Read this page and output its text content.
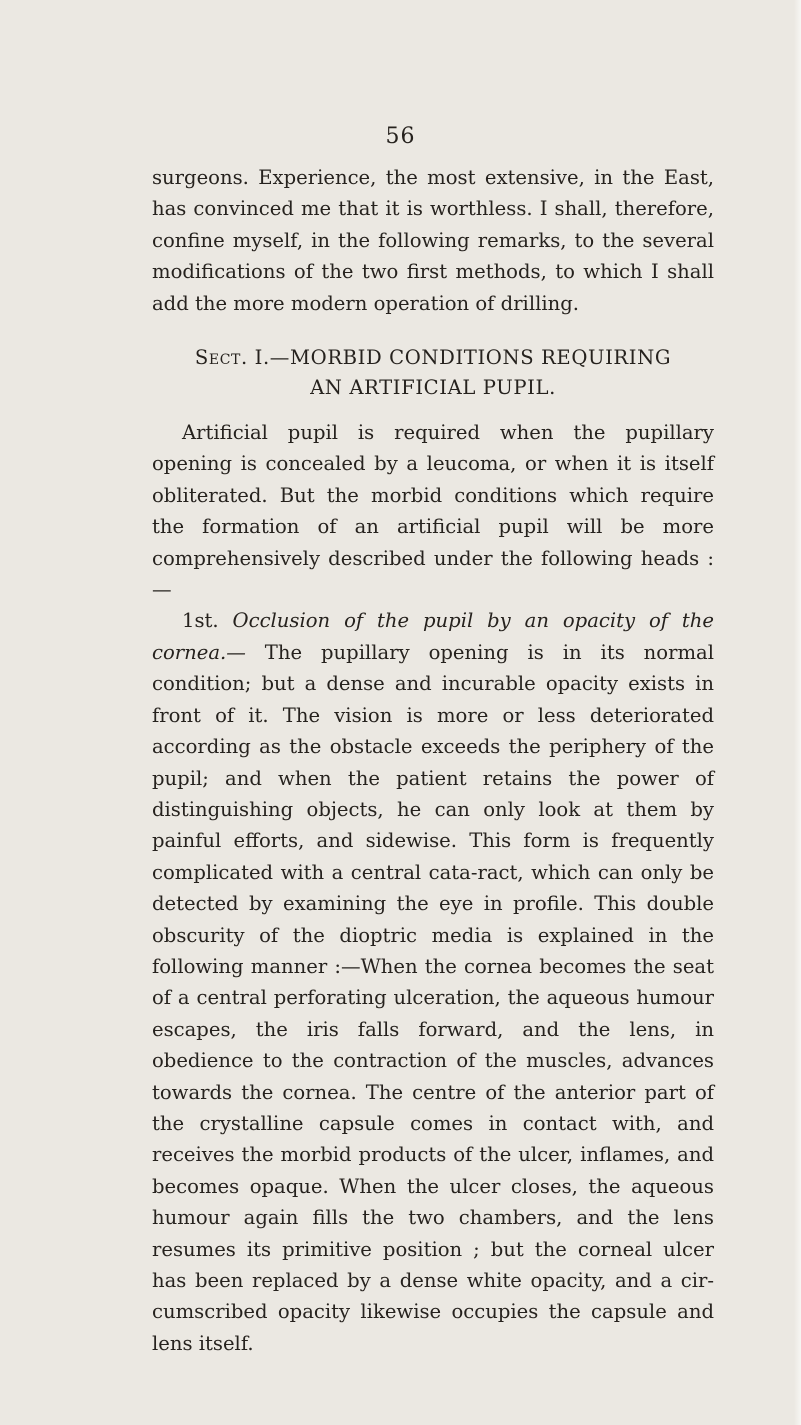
56

surgeons. Experience, the most extensive, in the East, has convinced me that it is worthless. I shall, therefore, confine myself, in the following remarks, to the several modifications of the two first methods, to which I shall add the more modern operation of drilling.

Sect. I.—MORBID CONDITIONS REQUIRING
AN ARTIFICIAL PUPIL.

Artificial pupil is required when the pupillary opening is concealed by a leucoma, or when it is itself obliterated. But the morbid conditions which require the formation of an artificial pupil will be more comprehensively described under the following heads :—

1st. Occlusion of the pupil by an opacity of the cornea.— The pupillary opening is in its normal condition; but a dense and incurable opacity exists in front of it. The vision is more or less deteriorated according as the obstacle exceeds the periphery of the pupil; and when the patient retains the power of distinguishing objects, he can only look at them by painful efforts, and sidewise. This form is frequently complicated with a central cata-ract, which can only be detected by examining the eye in profile. This double obscurity of the dioptric media is explained in the following manner :—When the cornea becomes the seat of a central perforating ulceration, the aqueous humour escapes, the iris falls forward, and the lens, in obedience to the contraction of the muscles, advances towards the cornea. The centre of the anterior part of the crystalline capsule comes in contact with, and receives the morbid products of the ulcer, inflames, and becomes opaque. When the ulcer closes, the aqueous humour again fills the two chambers, and the lens resumes its primitive position ; but the corneal ulcer has been replaced by a dense white opacity, and a cir-cumscribed opacity likewise occupies the capsule and lens itself.
